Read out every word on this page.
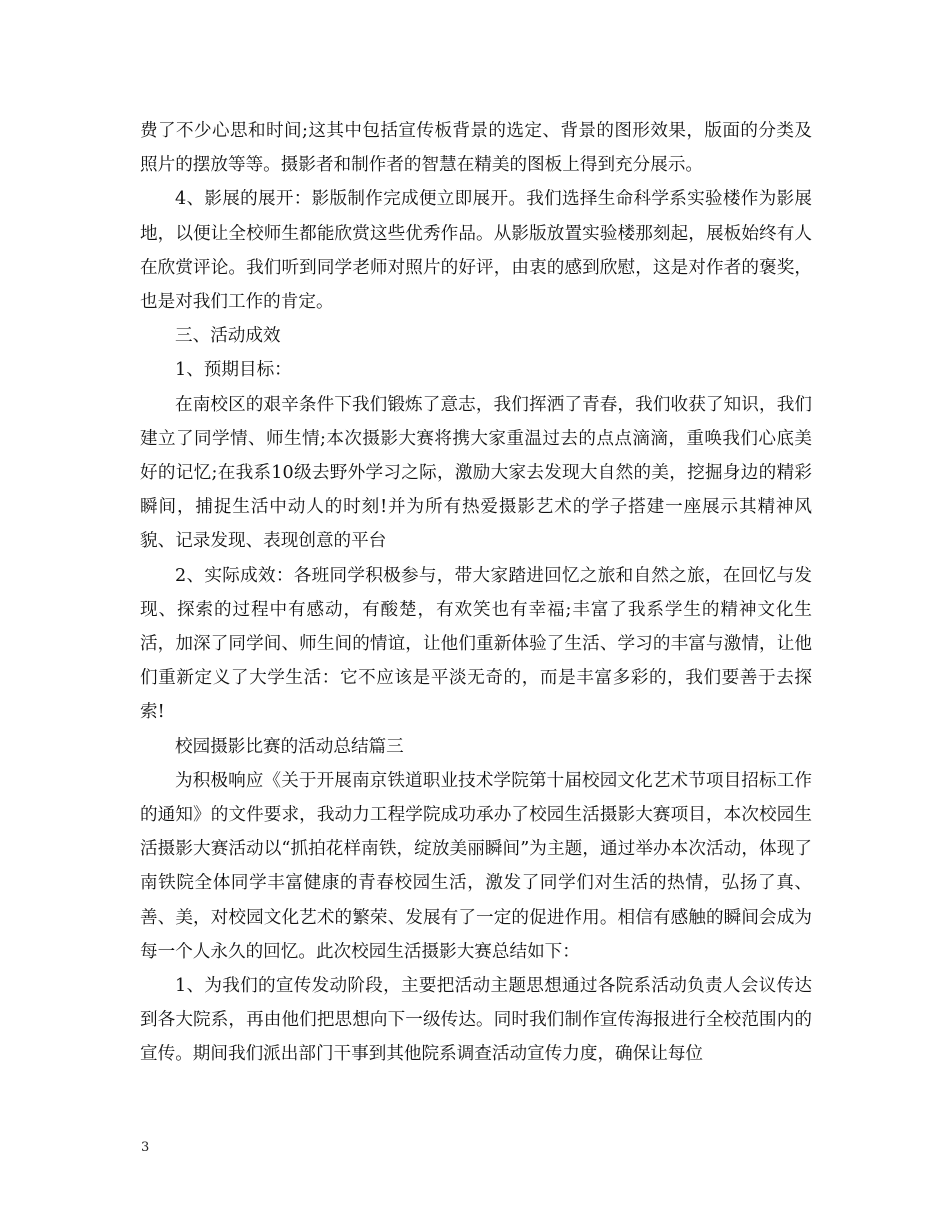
费了不少心思和时间;这其中包括宣传板背景的选定、背景的图形效果，版面的分类及照片的摆放等等。摄影者和制作者的智慧在精美的图板上得到充分展示。

4、影展的展开：影版制作完成便立即展开。我们选择生命科学系实验楼作为影展地，以便让全校师生都能欣赏这些优秀作品。从影版放置实验楼那刻起，展板始终有人在欣赏评论。我们听到同学老师对照片的好评，由衷的感到欣慰，这是对作者的褒奖，也是对我们工作的肯定。

三、活动成效

1、预期目标：

在南校区的艰辛条件下我们锻炼了意志，我们挥洒了青春，我们收获了知识，我们建立了同学情、师生情;本次摄影大赛将携大家重温过去的点点滴滴，重唤我们心底美好的记忆;在我系10级去野外学习之际，激励大家去发现大自然的美，挖掘身边的精彩瞬间，捕捉生活中动人的时刻!并为所有热爱摄影艺术的学子搭建一座展示其精神风貌、记录发现、表现创意的平台

2、实际成效：各班同学积极参与，带大家踏进回忆之旅和自然之旅，在回忆与发现、探索的过程中有感动，有酸楚，有欢笑也有幸福;丰富了我系学生的精神文化生活，加深了同学间、师生间的情谊，让他们重新体验了生活、学习的丰富与激情，让他们重新定义了大学生活：它不应该是平淡无奇的，而是丰富多彩的，我们要善于去探索!

校园摄影比赛的活动总结篇三

为积极响应《关于开展南京铁道职业技术学院第十届校园文化艺术节项目招标工作的通知》的文件要求，我动力工程学院成功承办了校园生活摄影大赛项目，本次校园生活摄影大赛活动以“抓拍花样南铁，绽放美丽瞬间”为主题，通过举办本次活动，体现了南铁院全体同学丰富健康的青春校园生活，激发了同学们对生活的热情，弘扬了真、善、美，对校园文化艺术的繁荣、发展有了一定的促进作用。相信有感触的瞬间会成为每一个人永久的回忆。此次校园生活摄影大赛总结如下：

1、为我们的宣传发动阶段，主要把活动主题思想通过各院系活动负责人会议传达到各大院系，再由他们把思想向下一级传达。同时我们制作宣传海报进行全校范围内的宣传。期间我们派出部门干事到其他院系调查活动宣传力度，确保让每位

3
